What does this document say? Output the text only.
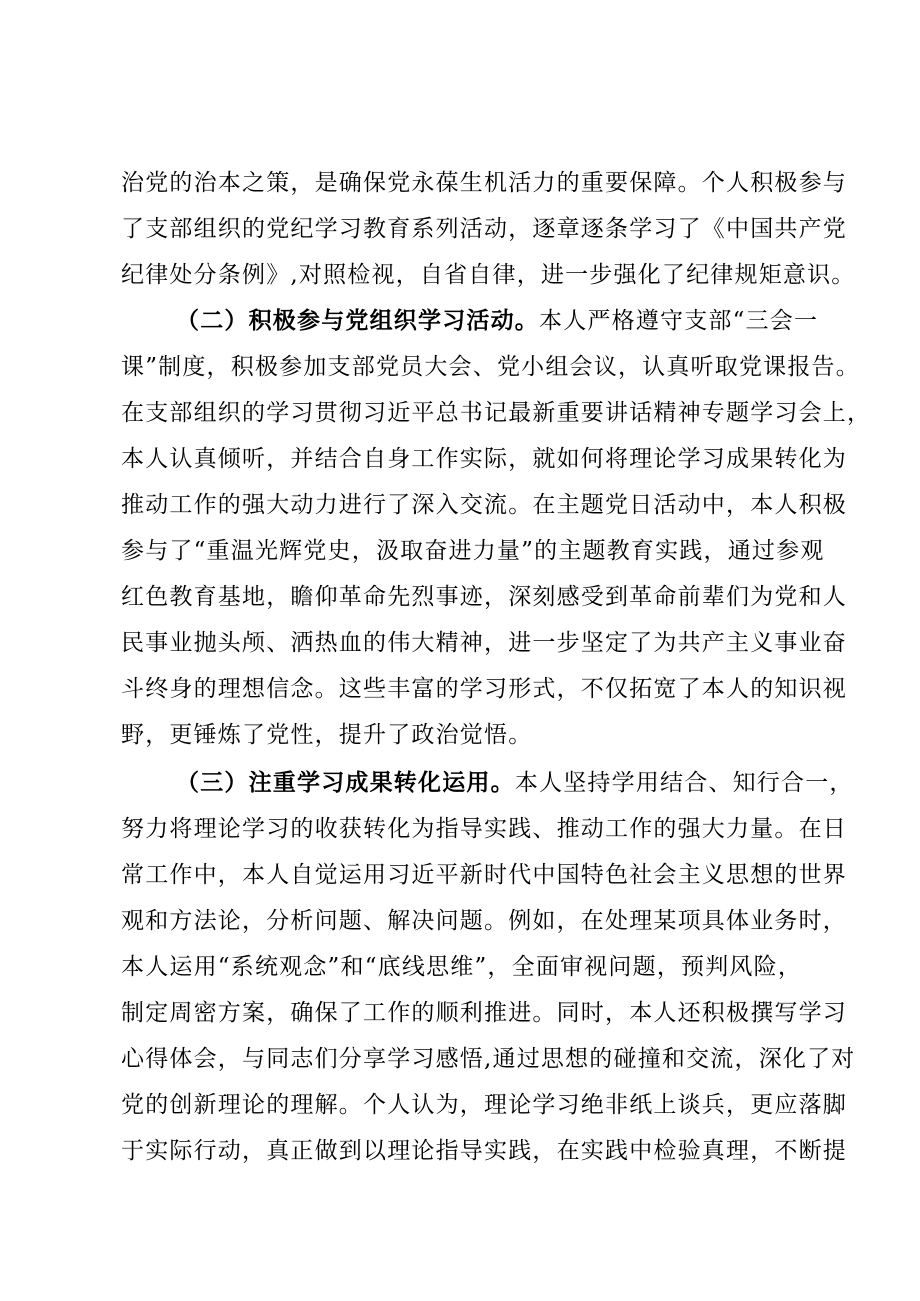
治党的治本之策，是确保党永葆生机活力的重要保障。个人积极参与
了支部组织的党纪学习教育系列活动，逐章逐条学习了《中国共产党
纪律处分条例》,对照检视，自省自律，进一步强化了纪律规矩意识。
（二）积极参与党组织学习活动。本人严格遵守支部“三会一
课”制度，积极参加支部党员大会、党小组会议，认真听取党课报告。
在支部组织的学习贯彻习近平总书记最新重要讲话精神专题学习会上，
本人认真倾听，并结合自身工作实际，就如何将理论学习成果转化为
推动工作的强大动力进行了深入交流。在主题党日活动中，本人积极
参与了“重温光辉党史，汲取奋进力量”的主题教育实践，通过参观
红色教育基地，瞻仰革命先烈事迹，深刻感受到革命前辈们为党和人
民事业抛头颅、洒热血的伟大精神，进一步坚定了为共产主义事业奋
斗终身的理想信念。这些丰富的学习形式，不仅拓宽了本人的知识视
野，更锤炼了党性，提升了政治觉悟。
（三）注重学习成果转化运用。本人坚持学用结合、知行合一，
努力将理论学习的收获转化为指导实践、推动工作的强大力量。在日
常工作中，本人自觉运用习近平新时代中国特色社会主义思想的世界
观和方法论，分析问题、解决问题。例如，在处理某项具体业务时，
本人运用“系统观念”和“底线思维”，全面审视问题，预判风险，
制定周密方案，确保了工作的顺利推进。同时，本人还积极撰写学习
心得体会，与同志们分享学习感悟,通过思想的碰撞和交流，深化了对
党的创新理论的理解。个人认为，理论学习绝非纸上谈兵，更应落脚
于实际行动，真正做到以理论指导实践，在实践中检验真理，不断提
